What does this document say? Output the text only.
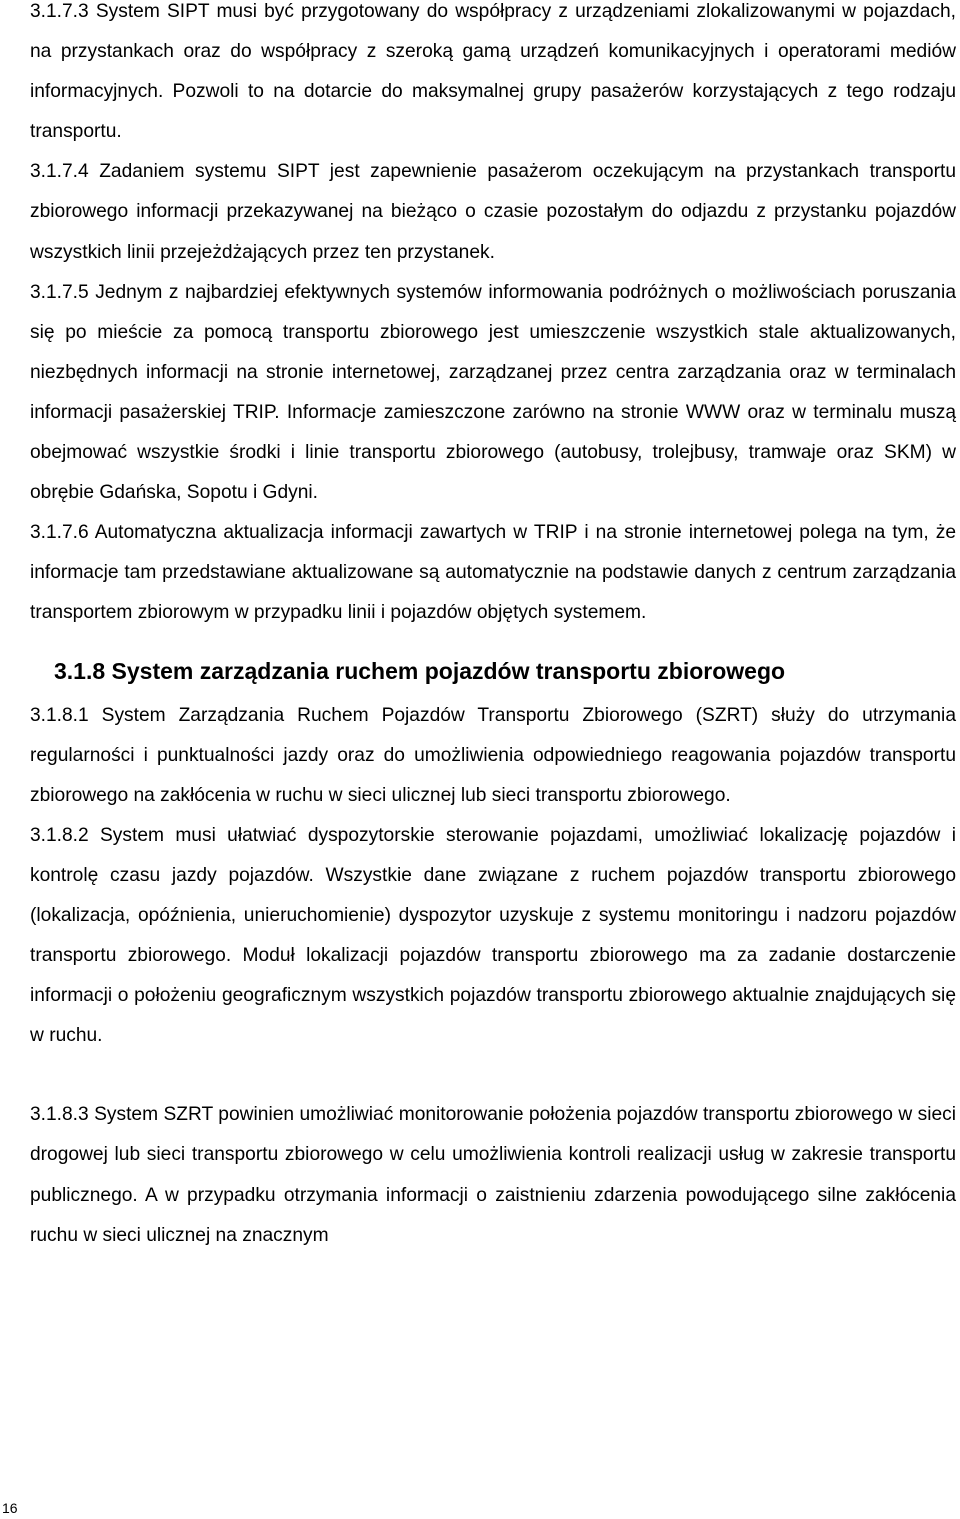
3.1.7.3 System SIPT musi być przygotowany do współpracy z urządzeniami zlokalizowanymi w pojazdach, na przystankach oraz do współpracy z szeroką gamą urządzeń komunikacyjnych i operatorami mediów informacyjnych. Pozwoli to na dotarcie do maksymalnej grupy pasażerów korzystających z tego rodzaju transportu.

3.1.7.4 Zadaniem systemu SIPT jest zapewnienie pasażerom oczekującym na przystankach transportu zbiorowego informacji przekazywanej na bieżąco o czasie pozostałym do odjazdu z przystanku pojazdów wszystkich linii przejeżdżających przez ten przystanek.

3.1.7.5 Jednym z najbardziej efektywnych systemów informowania podróżnych o możliwościach poruszania się po mieście za pomocą transportu zbiorowego jest umieszczenie wszystkich stale aktualizowanych, niezbędnych informacji na stronie internetowej, zarządzanej przez centra zarządzania oraz w terminalach informacji pasażerskiej TRIP. Informacje zamieszczone zarówno na stronie WWW oraz w terminalu muszą obejmować wszystkie środki i linie transportu zbiorowego (autobusy, trolejbusy, tramwaje oraz SKM) w obrębie Gdańska, Sopotu i Gdyni.

3.1.7.6 Automatyczna aktualizacja informacji zawartych w TRIP i na stronie internetowej polega na tym, że informacje tam przedstawiane aktualizowane są automatycznie na podstawie danych z centrum zarządzania transportem zbiorowym w przypadku linii i pojazdów objętych systemem.

3.1.8 System zarządzania ruchem pojazdów transportu zbiorowego

3.1.8.1 System Zarządzania Ruchem Pojazdów Transportu Zbiorowego (SZRT) służy do utrzymania regularności i punktualności jazdy oraz do umożliwienia odpowiedniego reagowania pojazdów transportu zbiorowego na zakłócenia w ruchu w sieci ulicznej lub sieci transportu zbiorowego.

3.1.8.2 System musi ułatwiać dyspozytorskie sterowanie pojazdami, umożliwiać lokalizację pojazdów i kontrolę czasu jazdy pojazdów. Wszystkie dane związane z ruchem pojazdów transportu zbiorowego (lokalizacja, opóźnienia, unieruchomienie) dyspozytor uzyskuje z systemu monitoringu i nadzoru pojazdów transportu zbiorowego. Moduł lokalizacji pojazdów transportu zbiorowego ma za zadanie dostarczenie informacji o położeniu geograficznym wszystkich pojazdów transportu zbiorowego aktualnie znajdujących się w ruchu.

3.1.8.3 System SZRT powinien umożliwiać monitorowanie położenia pojazdów transportu zbiorowego w sieci drogowej lub sieci transportu zbiorowego w celu umożliwienia kontroli realizacji usług w zakresie transportu publicznego. A w przypadku otrzymania informacji o zaistnieniu zdarzenia powodującego silne zakłócenia ruchu w sieci ulicznej na znacznym

16
